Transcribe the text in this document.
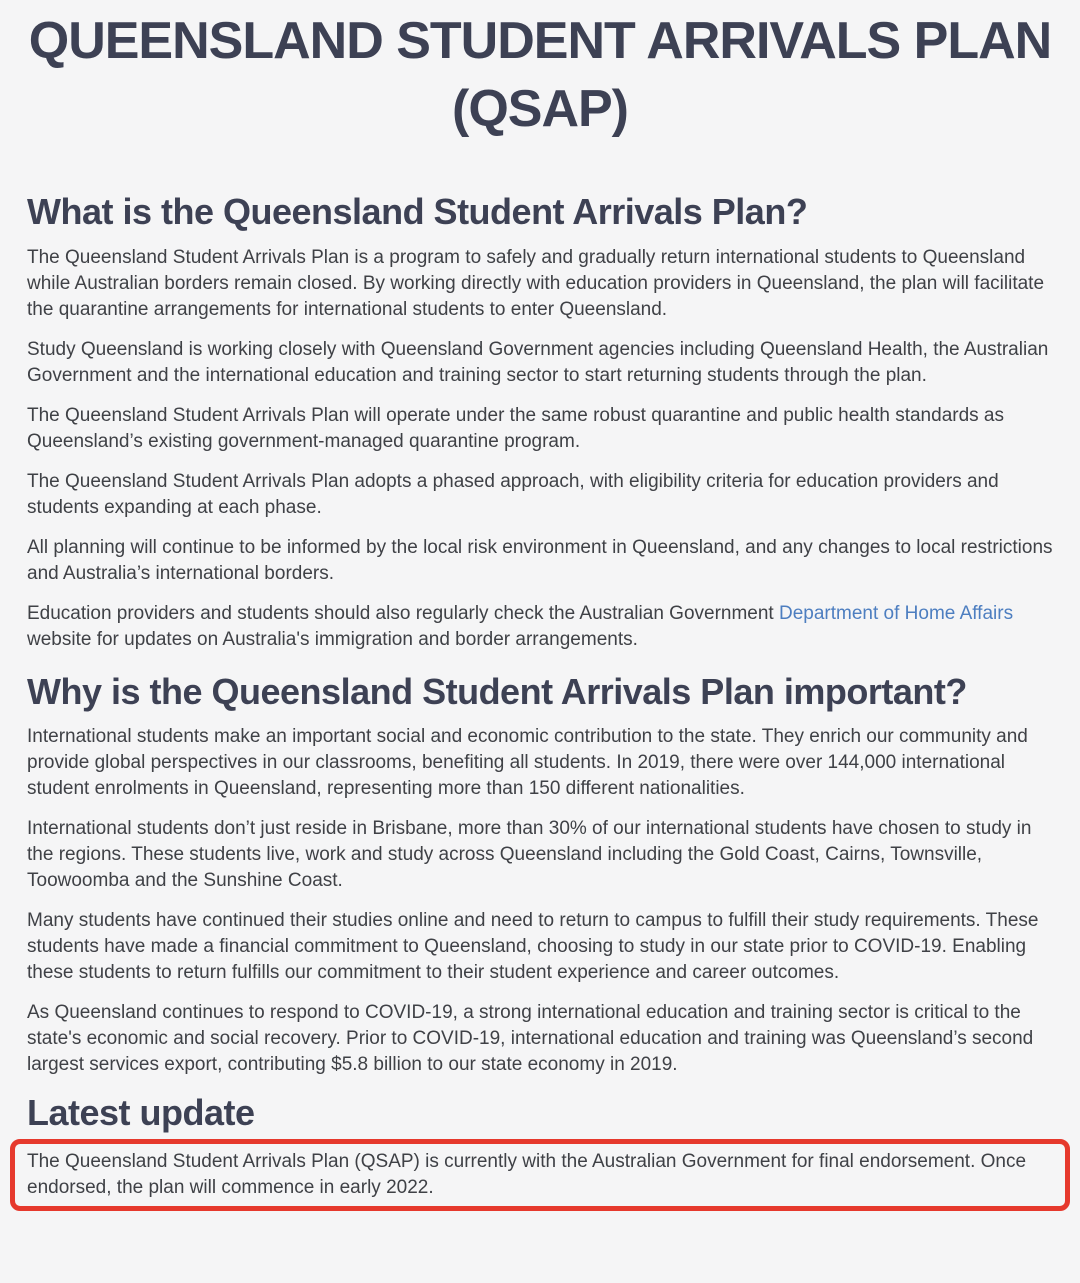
QUEENSLAND STUDENT ARRIVALS PLAN (QSAP)
What is the Queensland Student Arrivals Plan?

The Queensland Student Arrivals Plan is a program to safely and gradually return international students to Queensland while Australian borders remain closed. By working directly with education providers in Queensland, the plan will facilitate the quarantine arrangements for international students to enter Queensland.

Study Queensland is working closely with Queensland Government agencies including Queensland Health, the Australian Government and the international education and training sector to start returning students through the plan.

The Queensland Student Arrivals Plan will operate under the same robust quarantine and public health standards as Queensland’s existing government-managed quarantine program.

The Queensland Student Arrivals Plan adopts a phased approach, with eligibility criteria for education providers and students expanding at each phase.

All planning will continue to be informed by the local risk environment in Queensland, and any changes to local restrictions and Australia’s international borders.

Education providers and students should also regularly check the Australian Government Department of Home Affairs website for updates on Australia's immigration and border arrangements.

Why is the Queensland Student Arrivals Plan important?

International students make an important social and economic contribution to the state. They enrich our community and provide global perspectives in our classrooms, benefiting all students. In 2019, there were over 144,000 international student enrolments in Queensland, representing more than 150 different nationalities.

International students don’t just reside in Brisbane, more than 30% of our international students have chosen to study in the regions. These students live, work and study across Queensland including the Gold Coast, Cairns, Townsville, Toowoomba and the Sunshine Coast.

Many students have continued their studies online and need to return to campus to fulfill their study requirements. These students have made a financial commitment to Queensland, choosing to study in our state prior to COVID-19. Enabling these students to return fulfills our commitment to their student experience and career outcomes.

As Queensland continues to respond to COVID-19, a strong international education and training sector is critical to the state's economic and social recovery. Prior to COVID-19, international education and training was Queensland’s second largest services export, contributing $5.8 billion to our state economy in 2019.

Latest update

The Queensland Student Arrivals Plan (QSAP) is currently with the Australian Government for final endorsement. Once endorsed, the plan will commence in early 2022.
